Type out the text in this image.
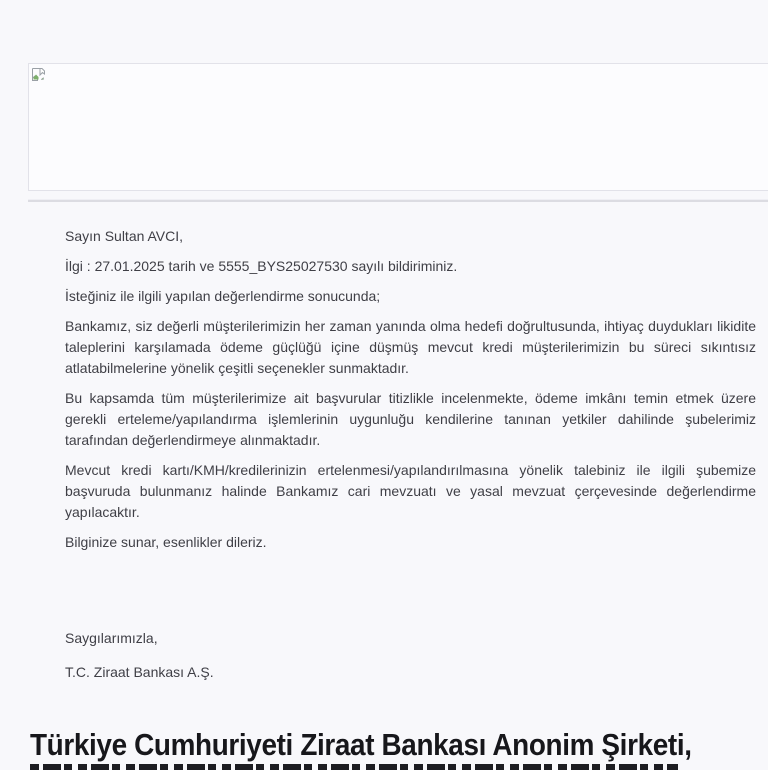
Sayın Sultan AVCI,

İlgi : 27.01.2025 tarih ve 5555_BYS25027530 sayılı bildiriminiz.

İsteğiniz ile ilgili yapılan değerlendirme sonucunda;

Bankamız, siz değerli müşterilerimizin her zaman yanında olma hedefi doğrultusunda, ihtiyaç duydukları likidite taleplerini karşılamada ödeme güçlüğü içine düşmüş mevcut kredi müşterilerimizin bu süreci sıkıntısız atlatabilmelerine yönelik çeşitli seçenekler sunmaktadır.

Bu kapsamda tüm müşterilerimize ait başvurular titizlikle incelenmekte, ödeme imkânı temin etmek üzere gerekli erteleme/yapılandırma işlemlerinin uygunluğu kendilerine tanınan yetkiler dahilinde şubelerimiz tarafından değerlendirmeye alınmaktadır.

Mevcut kredi kartı/KMH/kredilerinizin ertelenmesi/yapılandırılmasına yönelik talebiniz ile ilgili şubemize başvuruda bulunmanız halinde Bankamız cari mevzuatı ve yasal mevzuat çerçevesinde değerlendirme yapılacaktır.

Bilginize sunar, esenlikler dileriz.

Saygılarımızla,

T.C. Ziraat Bankası A.Ş.

Türkiye Cumhuriyeti Ziraat Bankası Anonim Şirketi,
